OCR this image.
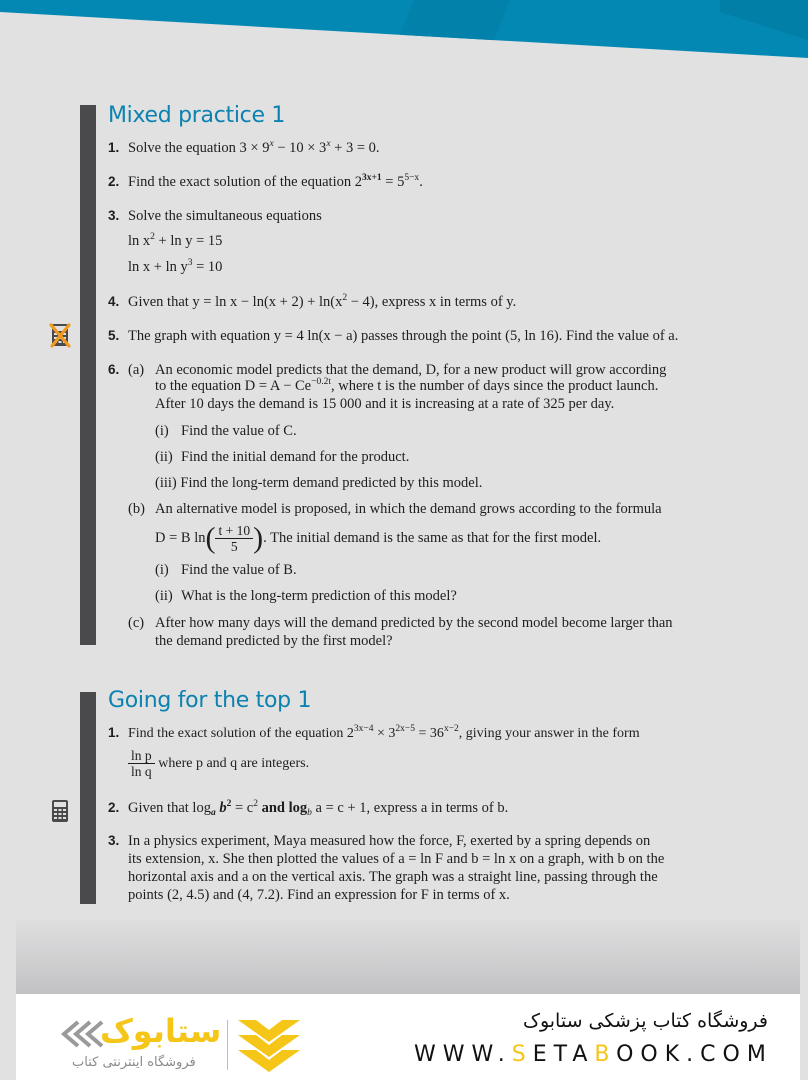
Mixed practice 1
1. Solve the equation $3 \times 9^x - 10 \times 3^x + 3 = 0$.
2. Find the exact solution of the equation $2^{3x+1} = 5^{5-x}$.
3. Solve the simultaneous equations
$\ln x^2 + \ln y = 15$
$\ln x + \ln y^3 = 10$
4. Given that $y = \ln x - \ln(x + 2) + \ln(x^2 - 4)$, express x in terms of y.
5. The graph with equation y = 4 ln(x − a) passes through the point (5, ln 16). Find the value of a.
6. (a) An economic model predicts that the demand, D, for a new product will grow according
to the equation $D = A - Ce^{-0.2t}$, where t is the number of days since the product launch.
After 10 days the demand is 15 000 and it is increasing at a rate of 325 per day.
(i) Find the value of C.
(ii) Find the initial demand for the product.
(iii) Find the long-term demand predicted by this model.
(b) An alternative model is proposed, in which the demand grows according to the formula
D = B $\ln( \frac{t + 10}{5}$ ). The initial demand is the same as that for the first model.
(i) Find the value of B.
(ii) What is the long-term prediction of this model?
(c) After how many days will the demand predicted by the second model become larger than
the demand predicted by the first model?
Going for the top 1
1. Find the exact solution of the equation $2^{3x-4} \times 3^{2x-5} = 36^{x-2}$, giving your answer in the form
$\frac{\text{ln p}}{\text{ln q}}$ where p and q are integers.
2. Given that $\log_a b^2 = c^2$ and $\log_b a = c + 1$, express a in terms of b.
3. In a physics experiment, Maya measured how the force, F, exerted by a spring depends on
its extension, x. She then plotted the values of a = ln F and b = ln x on a graph, with b on the
horizontal axis and a on the vertical axis. The graph was a straight line, passing through the
points (2, 4.5) and (4, 7.2). Find an expression for F in terms of x.
ستابوک
فروشگاه اینترنتی کتاب
فروشگاه کتاب پزشکی ستابوک
WWW.SETABOOK.COM
